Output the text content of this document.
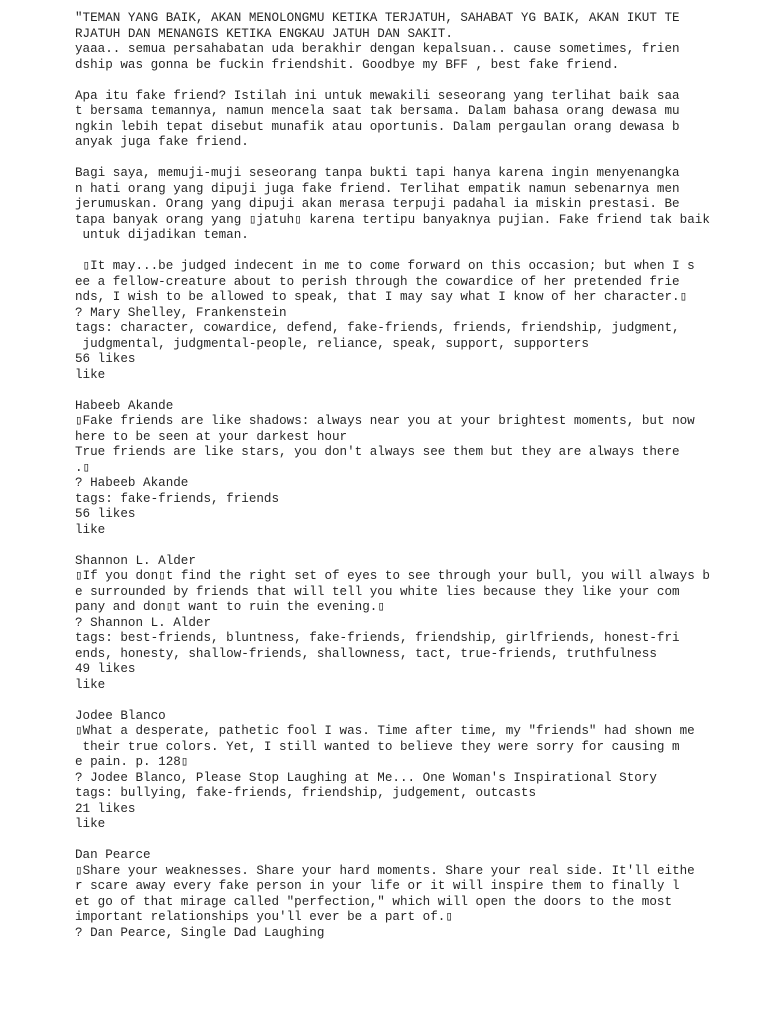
"TEMAN YANG BAIK, AKAN MENOLONGMU KETIKA TERJATUH, SAHABAT YG BAIK, AKAN IKUT TE
RJATUH DAN MENANGIS KETIKA ENGKAU JATUH DAN SAKIT.
yaaa.. semua persahabatan uda berakhir dengan kepalsuan.. cause sometimes, frien
dship was gonna be fuckin friendshit. Goodbye my BFF , best fake friend.
Apa itu fake friend? Istilah ini untuk mewakili seseorang yang terlihat baik saa
t bersama temannya, namun mencela saat tak bersama. Dalam bahasa orang dewasa mu
ngkin lebih tepat disebut munafik atau oportunis. Dalam pergaulan orang dewasa b
anyak juga fake friend.
Bagi saya, memuji-muji seseorang tanpa bukti tapi hanya karena ingin menyenangka
n hati orang yang dipuji juga fake friend. Terlihat empatik namun sebenarnya men
jerumuskan. Orang yang dipuji akan merasa terpuji padahal ia miskin prestasi. Be
tapa banyak orang yang ▯jatuh▯ karena tertipu banyaknya pujian. Fake friend tak baik
untuk dijadikan teman.
▯It may...be judged indecent in me to come forward on this occasion; but when I s
ee a fellow-creature about to perish through the cowardice of her pretended frie
nds, I wish to be allowed to speak, that I may say what I know of her character.▯
? Mary Shelley, Frankenstein
tags: character, cowardice, defend, fake-friends, friends, friendship, judgment,
judgmental, judgmental-people, reliance, speak, support, supporters
56 likes
like
Habeeb Akande
▯Fake friends are like shadows: always near you at your brightest moments, but now
here to be seen at your darkest hour
True friends are like stars, you don't always see them but they are always there
.▯
? Habeeb Akande
tags: fake-friends, friends
56 likes
like
Shannon L. Alder
▯If you don▯t find the right set of eyes to see through your bull, you will always b
e surrounded by friends that will tell you white lies because they like your com
pany and don▯t want to ruin the evening.▯
? Shannon L. Alder
tags: best-friends, bluntness, fake-friends, friendship, girlfriends, honest-fri
ends, honesty, shallow-friends, shallowness, tact, true-friends, truthfulness
49 likes
like
Jodee Blanco
▯What a desperate, pathetic fool I was. Time after time, my "friends" had shown me
their true colors. Yet, I still wanted to believe they were sorry for causing m
e pain. p. 128▯
? Jodee Blanco, Please Stop Laughing at Me... One Woman's Inspirational Story
tags: bullying, fake-friends, friendship, judgement, outcasts
21 likes
like
Dan Pearce
▯Share your weaknesses. Share your hard moments. Share your real side. It'll eithe
r scare away every fake person in your life or it will inspire them to finally l
et go of that mirage called "perfection," which will open the doors to the most
important relationships you'll ever be a part of.▯
? Dan Pearce, Single Dad Laughing
